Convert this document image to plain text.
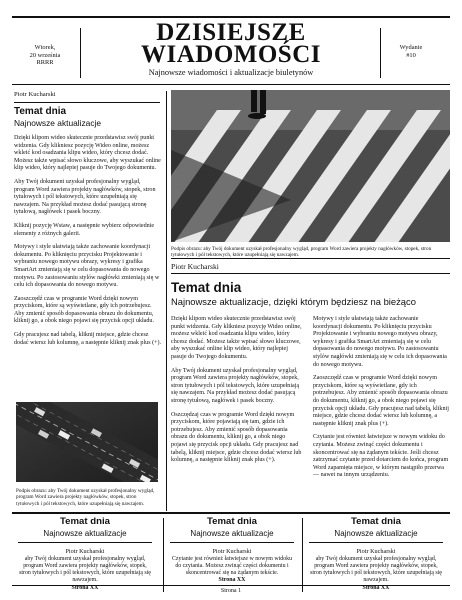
Wtorek,
20 września
RRRR
DZISIEJSZE
WIADOMOŚCI
Najnowsze wiadomości i aktualizacje biuletynów
Wydanie
#10
Piotr Kucharski
Temat dnia
Najnowsze aktualizacje

Dzięki klipom wideo skutecznie przedstawisz swój punkt widzenia. Gdy klikniesz pozycję Wideo online, możesz wkleić kod osadzania klipu wideo, który chcesz dodać. Możesz także wpisać słowo kluczowe, aby wyszukać online klip wideo, który najlepiej pasuje do Twojego dokumentu.

Aby Twój dokument uzyskał profesjonalny wygląd, program Word zawiera projekty nagłówków, stopek, stron tytułowych i pól tekstowych, które uzupełniają się nawzajem. Na przykład możesz dodać pasującą stronę tytułową, nagłówek i pasek boczny.

Kliknij pozycję Wstaw, a następnie wybierz odpowiednie elementy z różnych galerii.

Motywy i style ułatwiają także zachowanie koordynacji dokumentu. Po kliknięciu przycisku Projektowanie i wybraniu nowego motywu obrazy, wykresy i grafika SmartArt zmieniają się w celu dopasowania do nowego motywu. Po zastosowaniu stylów nagłówki zmieniają się w celu ich dopasowania do nowego motywu.

Zaoszczędź czas w programie Word dzięki nowym przyciskom, które są wyświetlane, gdy ich potrzebujesz. Aby zmienić sposób dopasowania obrazu do dokumentu, kliknij go, a obok niego pojawi się przycisk opcji układu.

Gdy pracujesz nad tabelą, kliknij miejsce, gdzie chcesz dodać wiersz lub kolumnę, a następnie kliknij znak plus (+).

Podpis obrazu: aby Twój dokument uzyskał profesjonalny wygląd, program Word zawiera projekty nagłówków, stopek, stron tytułowych i pól tekstowych, które uzupełniają się nawzajem.
Podpis obrazu: aby Twój dokument uzyskał profesjonalny wygląd, program Word zawiera projekty nagłówków, stopek, stron tytułowych i pól tekstowych, które uzupełniają się nawzajem.
Piotr Kucharski
Temat dnia
Najnowsze aktualizacje, dzięki którym będziesz na bieżąco

Dzięki klipom wideo skutecznie przedstawisz swój punkt widzenia. Gdy klikniesz pozycję Wideo online, możesz wkleić kod osadzania klipu wideo, który chcesz dodać. Możesz także wpisać słowo kluczowe, aby wyszukać online klip wideo, który najlepiej pasuje do Twojego dokumentu.

Aby Twój dokument uzyskał profesjonalny wygląd, program Word zawiera projekty nagłówków, stopek, stron tytułowych i pól tekstowych, które uzupełniają się nawzajem. Na przykład możesz dodać pasującą stronę tytułową, nagłówek i pasek boczny.

Oszczędzaj czas w programie Word dzięki nowym przyciskom, które pojawiają się tam, gdzie ich potrzebujesz. Aby zmienić sposób dopasowania obrazu do dokumentu, kliknij go, a obok niego pojawi się przycisk opcji układu. Gdy pracujesz nad tabelą, kliknij miejsce, gdzie chcesz dodać wiersz lub kolumnę, a następnie kliknij znak plus (+).

Motywy i style ułatwiają także zachowanie koordynacji dokumentu. Po kliknięciu przycisku Projektowanie i wybraniu nowego motywu obrazy, wykresy i grafika SmartArt zmieniają się w celu dopasowania do nowego motywu. Po zastosowaniu stylów nagłówki zmieniają się w celu ich dopasowania do nowego motywu.

Zaoszczędź czas w programie Word dzięki nowym przyciskom, które są wyświetlane, gdy ich potrzebujesz. Aby zmienić sposób dopasowania obrazu do dokumentu, kliknij go, a obok niego pojawi się przycisk opcji układu. Gdy pracujesz nad tabelą, kliknij miejsce, gdzie chcesz dodać wiersz lub kolumnę, a następnie kliknij znak plus (+).

Czytanie jest również łatwiejsze w nowym widoku do czytania. Możesz zwinąć części dokumentu i skoncentrować się na żądanym tekście. Jeśli chcesz zatrzymać czytanie przed dotarciem do końca, program Word zapamięta miejsce, w którym nastąpiło przerwa — nawet na innym urządzeniu.

Temat dnia
Najnowsze aktualizacje
Piotr Kucharski
aby Twój dokument uzyskał profesjonalny wygląd, program Word zawiera projekty nagłówków, stopek, stron tytułowych i pól tekstowych, które uzupełniają się nawzajem.
Strona XX
Temat dnia
Najnowsze aktualizacje
Piotr Kucharski
Czytanie jest również łatwiejsze w nowym widoku do czytania. Możesz zwinąć części dokumentu i skoncentrować się na żądanym tekście.
Strona XX
Temat dnia
Najnowsze aktualizacje
Piotr Kucharski
aby Twój dokument uzyskał profesjonalny wygląd, program Word zawiera projekty nagłówków, stopek, stron tytułowych i pól tekstowych, które uzupełniają się nawzajem.
Strona XX
Strona 1
